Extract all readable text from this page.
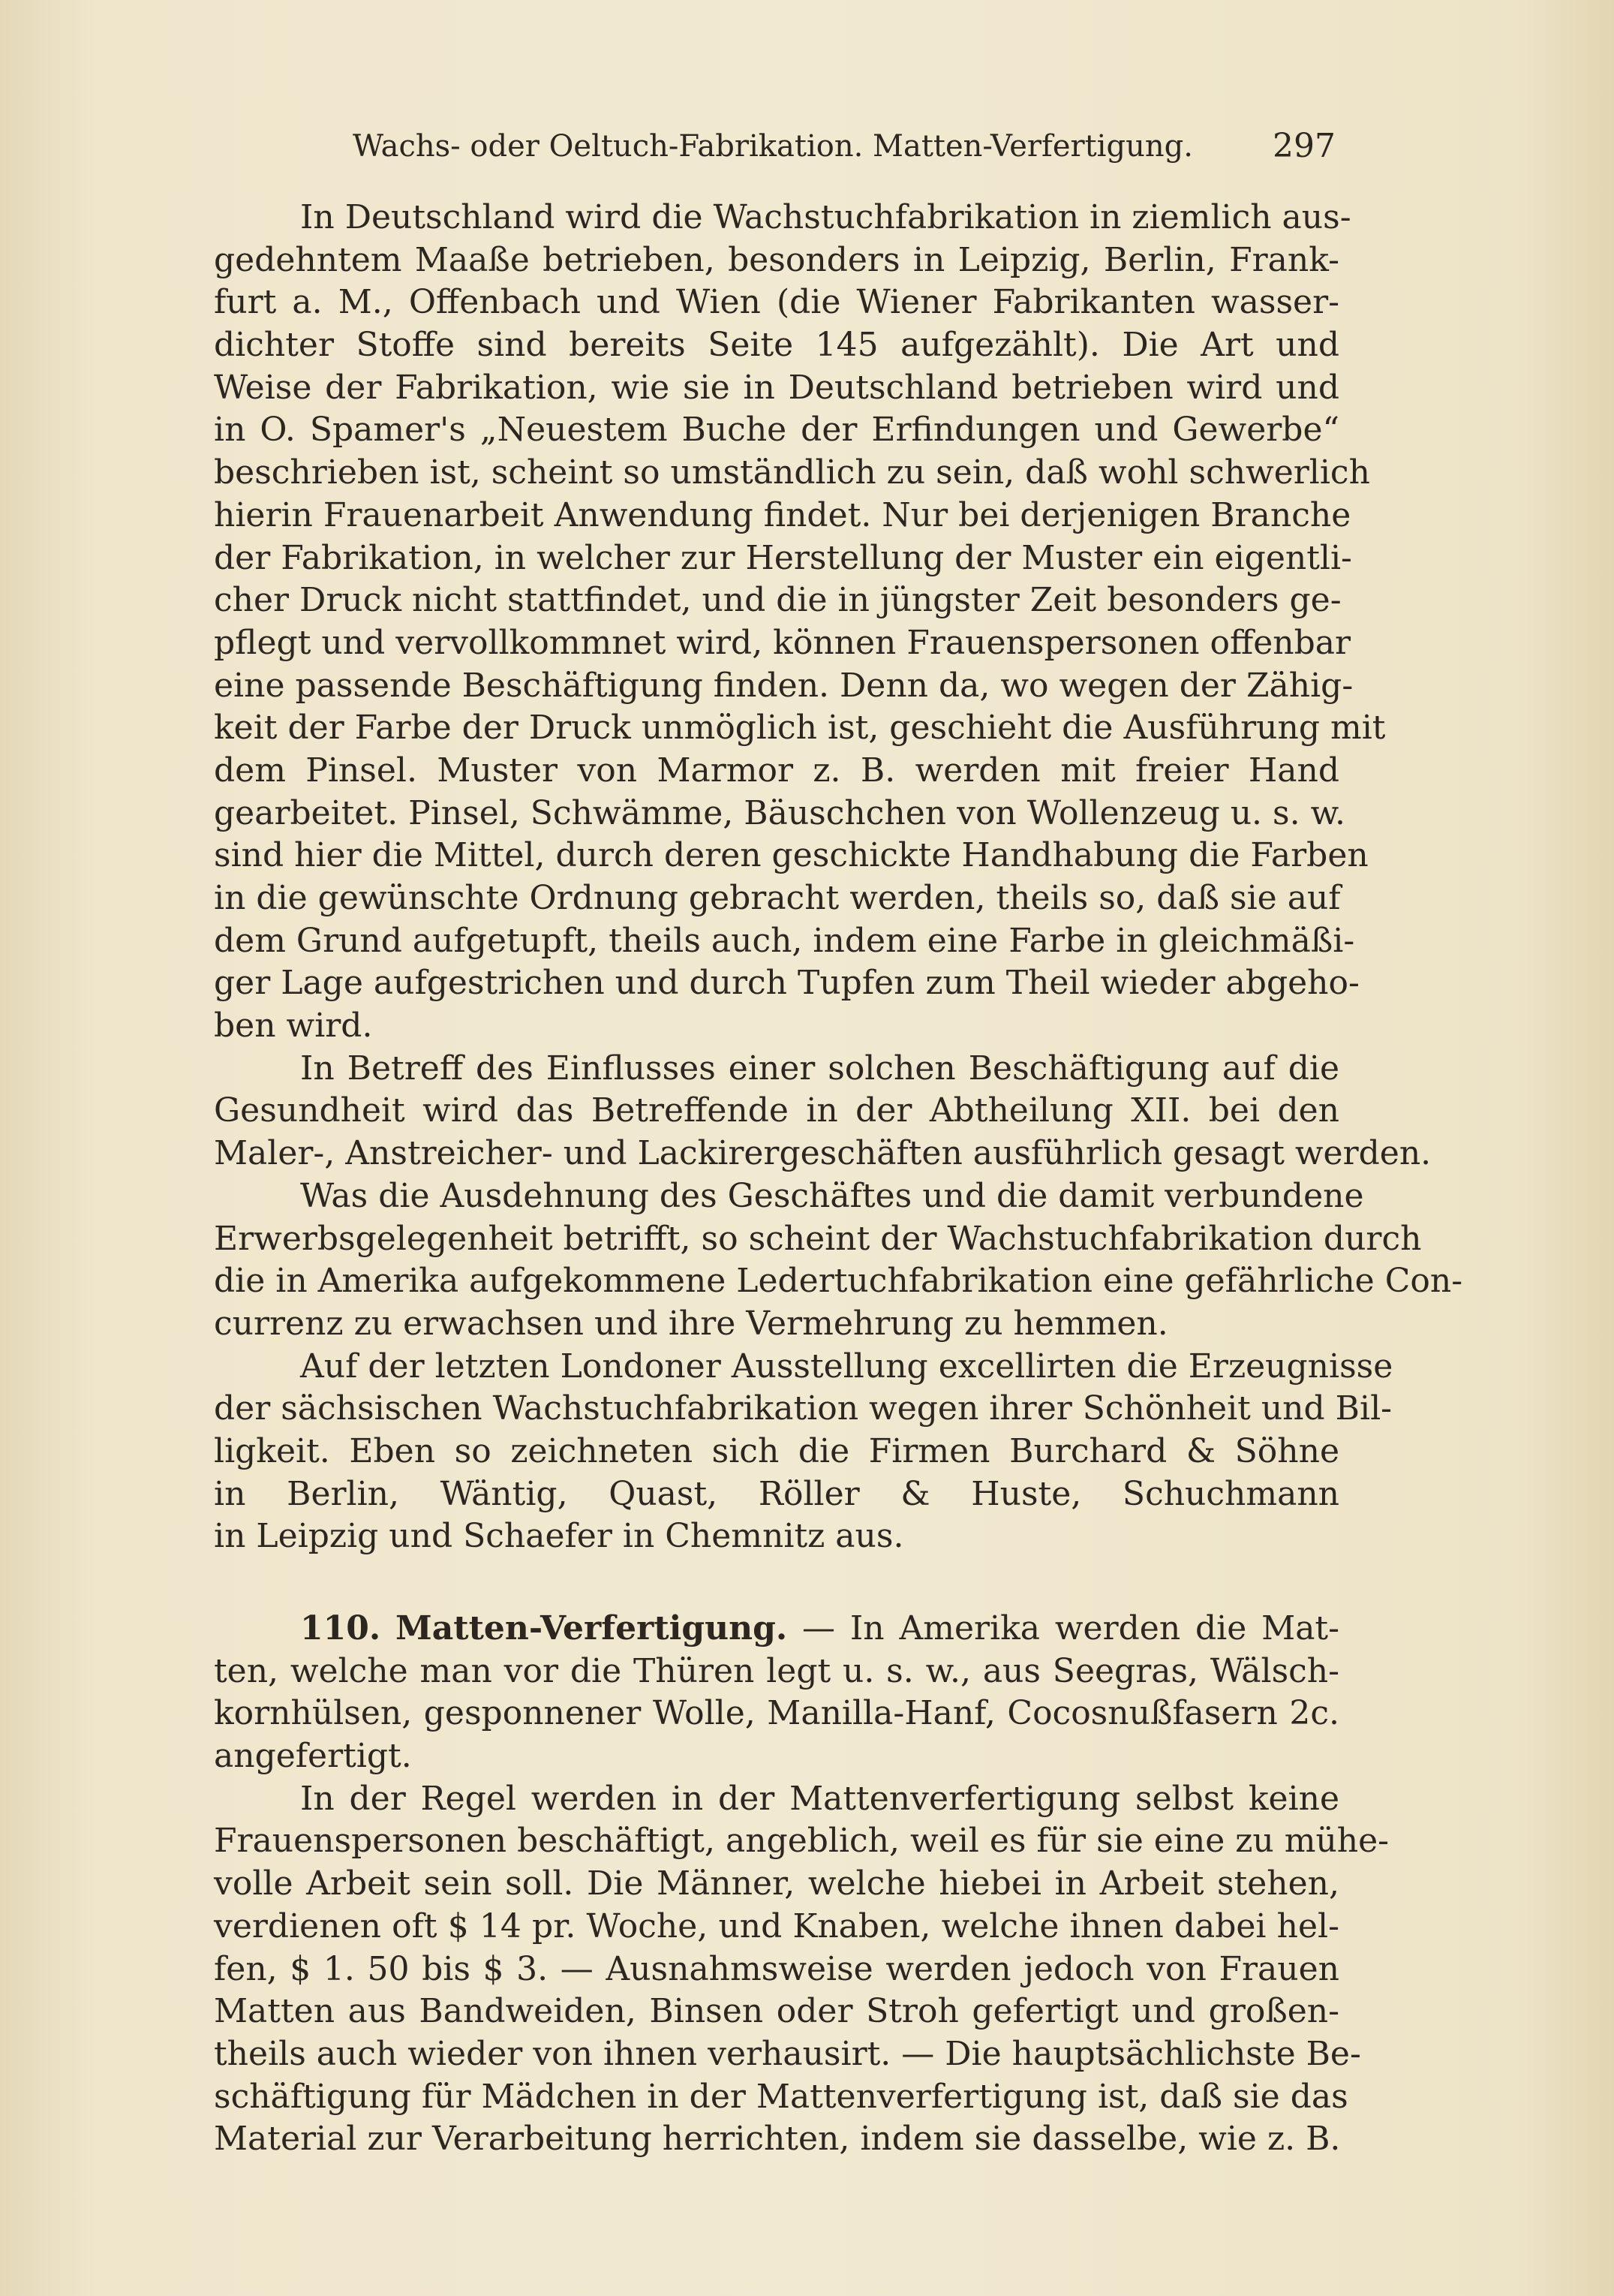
Wachs- oder Oeltuch-Fabrikation. Matten-Verfertigung. 297
In Deutschland wird die Wachstuchfabrikation in ziemlich aus-
gedehntem Maaße betrieben, besonders in Leipzig, Berlin, Frank-
furt a. M., Offenbach und Wien (die Wiener Fabrikanten wasser-
dichter Stoffe sind bereits Seite 145 aufgezählt). Die Art und
Weise der Fabrikation, wie sie in Deutschland betrieben wird und
in O. Spamer's „Neuestem Buche der Erfindungen und Gewerbe“
beschrieben ist, scheint so umständlich zu sein, daß wohl schwerlich
hierin Frauenarbeit Anwendung findet. Nur bei derjenigen Branche
der Fabrikation, in welcher zur Herstellung der Muster ein eigentli-
cher Druck nicht stattfindet, und die in jüngster Zeit besonders ge-
pflegt und vervollkommnet wird, können Frauenspersonen offenbar
eine passende Beschäftigung finden. Denn da, wo wegen der Zähig-
keit der Farbe der Druck unmöglich ist, geschieht die Ausführung mit
dem Pinsel. Muster von Marmor z. B. werden mit freier Hand
gearbeitet. Pinsel, Schwämme, Bäuschchen von Wollenzeug u. s. w.
sind hier die Mittel, durch deren geschickte Handhabung die Farben
in die gewünschte Ordnung gebracht werden, theils so, daß sie auf
dem Grund aufgetupft, theils auch, indem eine Farbe in gleichmäßi-
ger Lage aufgestrichen und durch Tupfen zum Theil wieder abgeho-
ben wird.
In Betreff des Einflusses einer solchen Beschäftigung auf die
Gesundheit wird das Betreffende in der Abtheilung XII. bei den
Maler-, Anstreicher- und Lackirergeschäften ausführlich gesagt werden.
Was die Ausdehnung des Geschäftes und die damit verbundene
Erwerbsgelegenheit betrifft, so scheint der Wachstuchfabrikation durch
die in Amerika aufgekommene Ledertuchfabrikation eine gefährliche Con-
currenz zu erwachsen und ihre Vermehrung zu hemmen.
Auf der letzten Londoner Ausstellung excellirten die Erzeugnisse
der sächsischen Wachstuchfabrikation wegen ihrer Schönheit und Bil-
ligkeit. Eben so zeichneten sich die Firmen Burchard & Söhne
in Berlin, Wäntig, Quast, Röller & Huste, Schuchmann
in Leipzig und Schaefer in Chemnitz aus.
110. Matten-Verfertigung. — In Amerika werden die Mat-
ten, welche man vor die Thüren legt u. s. w., aus Seegras, Wälsch-
kornhülsen, gesponnener Wolle, Manilla-Hanf, Cocosnußfasern 2c.
angefertigt.
In der Regel werden in der Mattenverfertigung selbst keine
Frauenspersonen beschäftigt, angeblich, weil es für sie eine zu mühe-
volle Arbeit sein soll. Die Männer, welche hiebei in Arbeit stehen,
verdienen oft $ 14 pr. Woche, und Knaben, welche ihnen dabei hel-
fen, $ 1. 50 bis $ 3. — Ausnahmsweise werden jedoch von Frauen
Matten aus Bandweiden, Binsen oder Stroh gefertigt und großen-
theils auch wieder von ihnen verhausirt. — Die hauptsächlichste Be-
schäftigung für Mädchen in der Mattenverfertigung ist, daß sie das
Material zur Verarbeitung herrichten, indem sie dasselbe, wie z. B.
